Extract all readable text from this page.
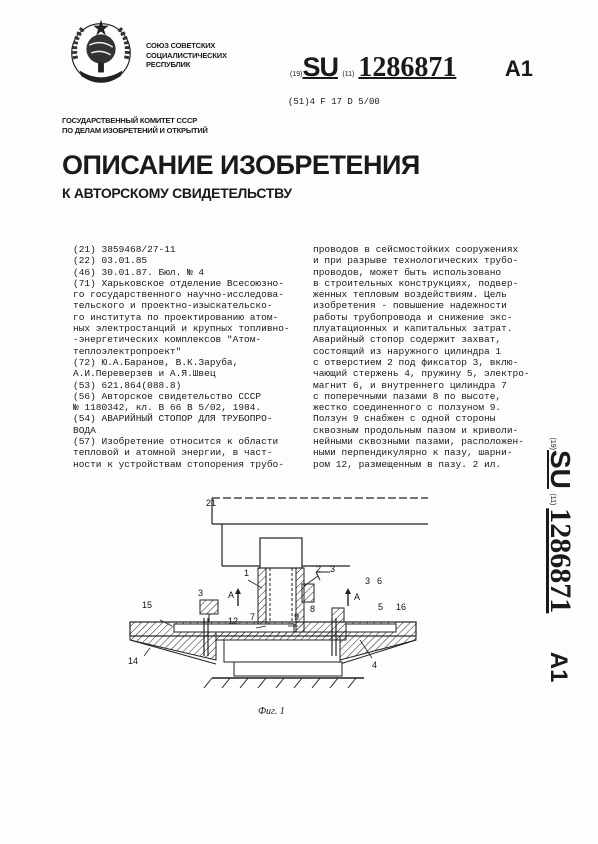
СОЮЗ СОВЕТСКИХ
СОЦИАЛИСТИЧЕСКИХ
РЕСПУБЛИК
(19)SU (11) 1286871 A1
(51)4 F 17 D 5/00
ГОСУДАРСТВЕННЫЙ КОМИТЕТ СССР
ПО ДЕЛАМ ИЗОБРЕТЕНИЙ И ОТКРЫТИЙ
ОПИСАНИЕ ИЗОБРЕТЕНИЯ
К АВТОРСКОМУ СВИДЕТЕЛЬСТВУ

(21) 3859468/27-11

(22) 03.01.85

(46) 30.01.87. Бюл. № 4

(71) Харьковское отделение Всесоюзно-

го государственного научно-исследова-

тельского и проектно-изыскательско-

го института по проектированию атом-

ных электростанций и крупных топливно-

-энергетических комплексов "Атом-

теплоэлектропроект"

(72) Ю.А.Баранов, В.К.Заруба,

А.И.Переверзев и А.Я.Швец

(53) 621.864(088.8)

(56) Авторское свидетельство СССР

№ 1180342, кл. В 66 В 5/02, 1984.

(54) АВАРИЙНЫЙ СТОПОР ДЛЯ ТРУБОПРО-

ВОДА

(57) Изобретение относится к области

тепловой и атомной энергии, в част-

ности к устройствам стопорения трубо-

проводов в сейсмостойких сооружениях

и при разрыве технологических трубо-

проводов, может быть использовано

в строительных конструкциях, подвер-

женных тепловым воздействиям. Цель

изобретения - повышение надежности

работы трубопровода и снижение экс-

плуатационных и капитальных затрат.

Аварийный стопор содержит захват,

состоящий из наружного цилиндра 1

с отверстием 2 под фиксатор 3, вклю-

чающий стержень 4, пружину 5, электро-

магнит 6, и внутреннего цилиндра 7

с поперечными пазами 8 по высоте,

жестко соединенного с ползуном 9.

Ползун 9 снабжен с одной стороны

сквозным продольным пазом и криволи-

нейными сквозными пазами, расположен-

ными перпендикулярно к пазу, шарни-

ром 12, размещенным в пазу. 2 ил.

(19)SU (11)1286871 A1
21
1	2 3
3	А	А
3 6
8	5 16
15
12 7	9
14	4
Фиг. 1
